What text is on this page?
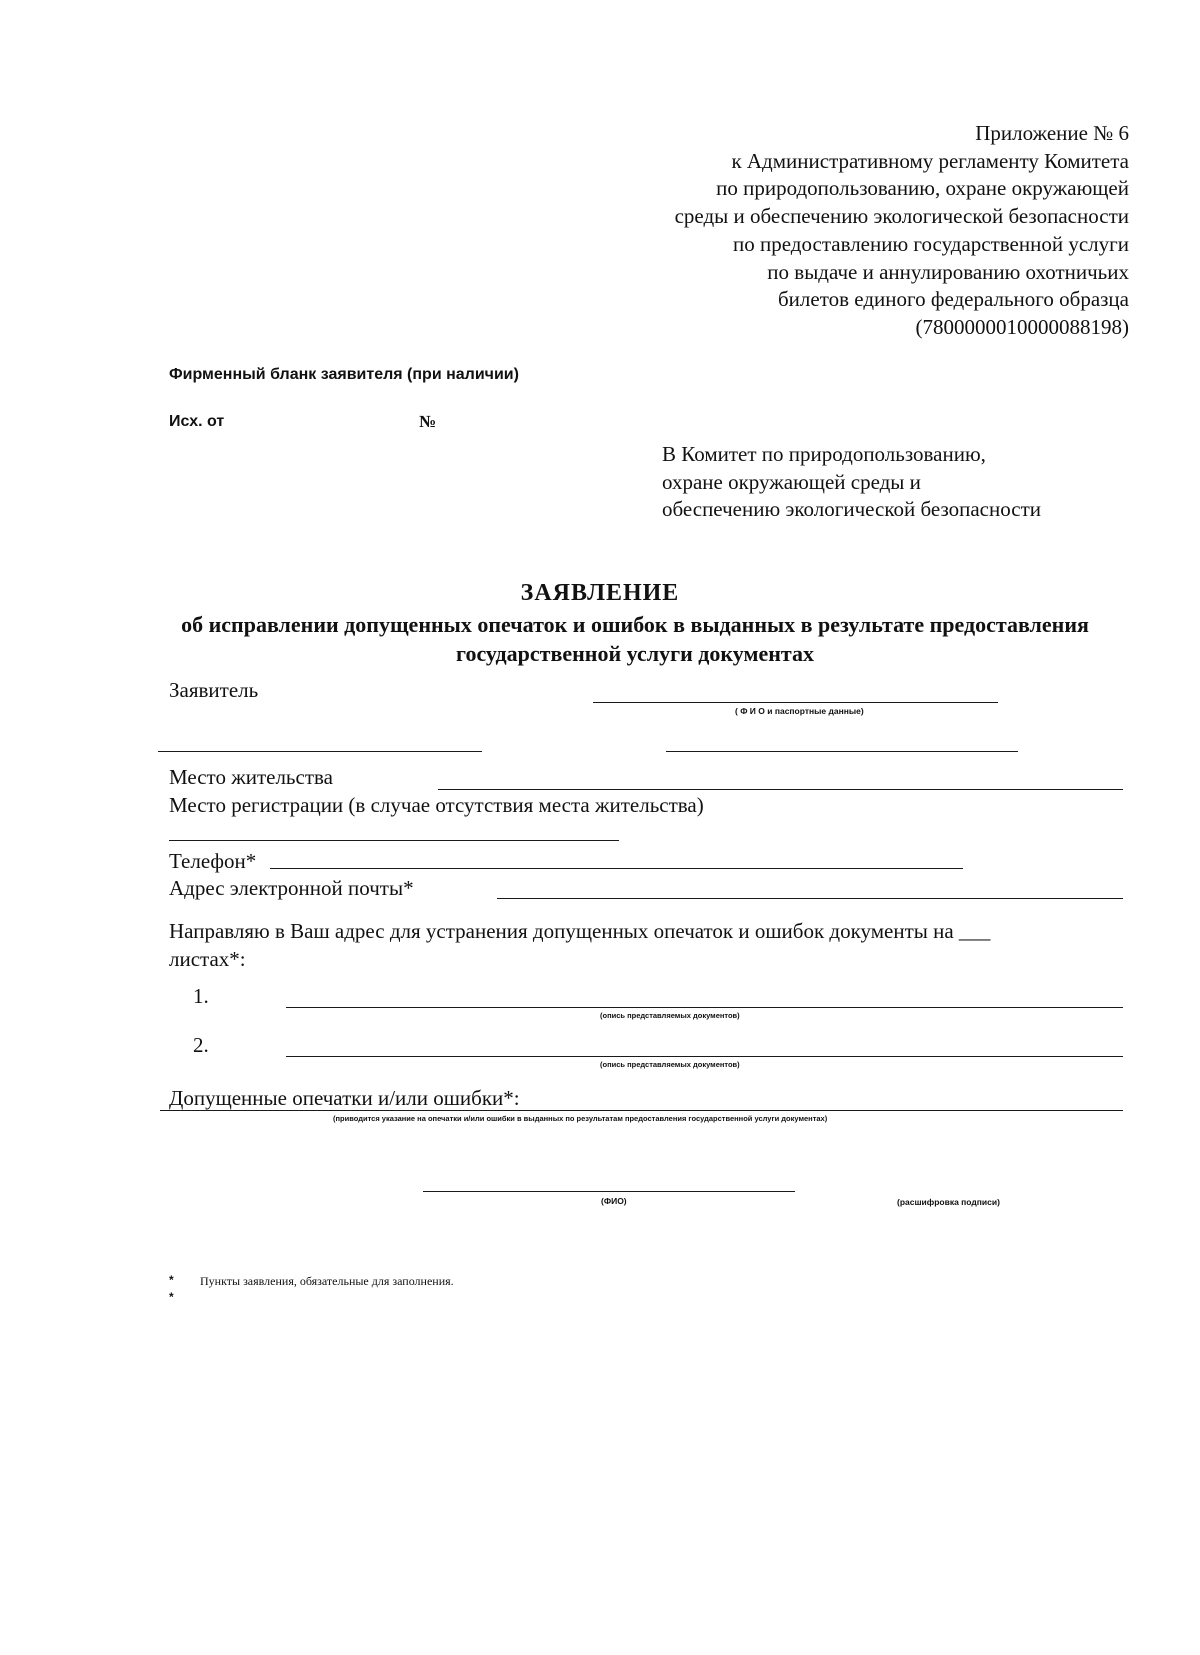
Приложение № 6
к Административному регламенту Комитета
по природопользованию, охране окружающей
среды и обеспечению экологической безопасности
по предоставлению государственной услуги
по выдаче и аннулированию охотничьих
билетов единого федерального образца
(7800000010000088198)
Фирменный бланк заявителя (при наличии)
Исх. от	№
В Комитет по природопользованию,
охране окружающей среды и
обеспечению экологической безопасности
ЗАЯВЛЕНИЕ
об исправлении допущенных опечаток и ошибок в выданных в результате предоставления государственной услуги документах
Заявитель
( Ф И О и паспортные данные)
Место жительства
Место регистрации (в случае отсутствия места жительства)
Телефон*
Адрес электронной почты*
Направляю в Ваш адрес для устранения допущенных опечаток и ошибок документы на ___
листах*:
1.
(опись представляемых документов)
2.
(опись представляемых документов)
Допущенные опечатки и/или ошибки*:
(приводится указание на опечатки и/или ошибки в выданных по результатам предоставления государственной услуги документах)
(ФИО)	(расшифровка подписи)
* Пункты заявления, обязательные для заполнения.
*
